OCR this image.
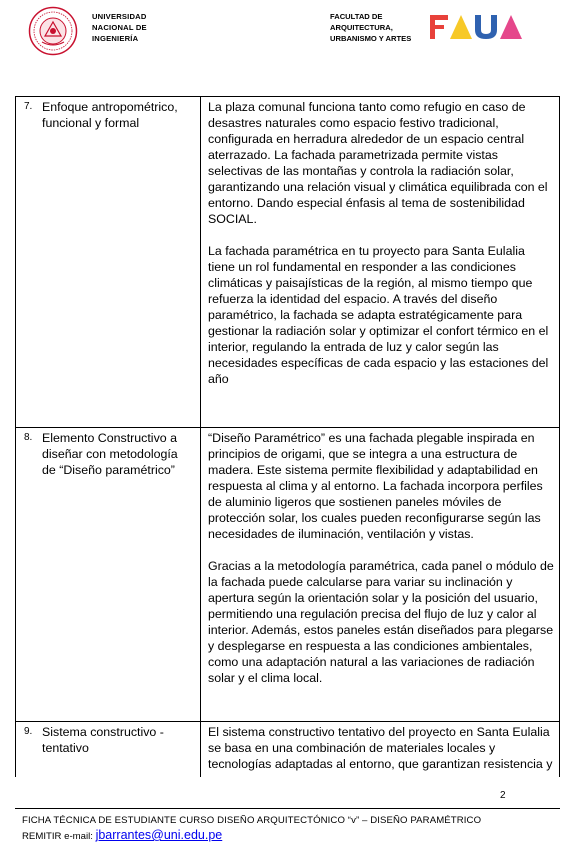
UNIVERSIDAD
NACIONAL DE
INGENIERÍA
FACULTAD DE
ARQUITECTURA,
URBANISMO Y ARTES
7. Enfoque antropométrico, funcional y formal

La plaza comunal funciona tanto como refugio en caso de desastres naturales como espacio festivo tradicional, configurada en herradura alrededor de un espacio central aterrazado. La fachada parametrizada permite vistas selectivas de las montañas y controla la radiación solar, garantizando una relación visual y climática equilibrada con el entorno. Dando especial énfasis al tema de sostenibilidad SOCIAL.

La fachada paramétrica en tu proyecto para Santa Eulalia tiene un rol fundamental en responder a las condiciones climáticas y paisajísticas de la región, al mismo tiempo que refuerza la identidad del espacio. A través del diseño paramétrico, la fachada se adapta estratégicamente para gestionar la radiación solar y optimizar el confort térmico en el interior, regulando la entrada de luz y calor según las necesidades específicas de cada espacio y las estaciones del año

8. Elemento Constructivo a diseñar con metodología de “Diseño paramétrico”

“Diseño Paramétrico” es una fachada plegable inspirada en principios de origami, que se integra a una estructura de madera. Este sistema permite flexibilidad y adaptabilidad en respuesta al clima y al entorno. La fachada incorpora perfiles de aluminio ligeros que sostienen paneles móviles de protección solar, los cuales pueden reconfigurarse según las necesidades de iluminación, ventilación y vistas.

Gracias a la metodología paramétrica, cada panel o módulo de la fachada puede calcularse para variar su inclinación y apertura según la orientación solar y la posición del usuario, permitiendo una regulación precisa del flujo de luz y calor al interior. Además, estos paneles están diseñados para plegarse y desplegarse en respuesta a las condiciones ambientales, como una adaptación natural a las variaciones de radiación solar y el clima local.

9. Sistema constructivo - tentativo

El sistema constructivo tentativo del proyecto en Santa Eulalia se basa en una combinación de materiales locales y tecnologías adaptadas al entorno, que garantizan resistencia y

2
FICHA TÉCNICA DE ESTUDIANTE CURSO DISEÑO ARQUITECTÓNICO “v” – DISEÑO PARAMÉTRICO
REMITIR e-mail: jbarrantes@uni.edu.pe
